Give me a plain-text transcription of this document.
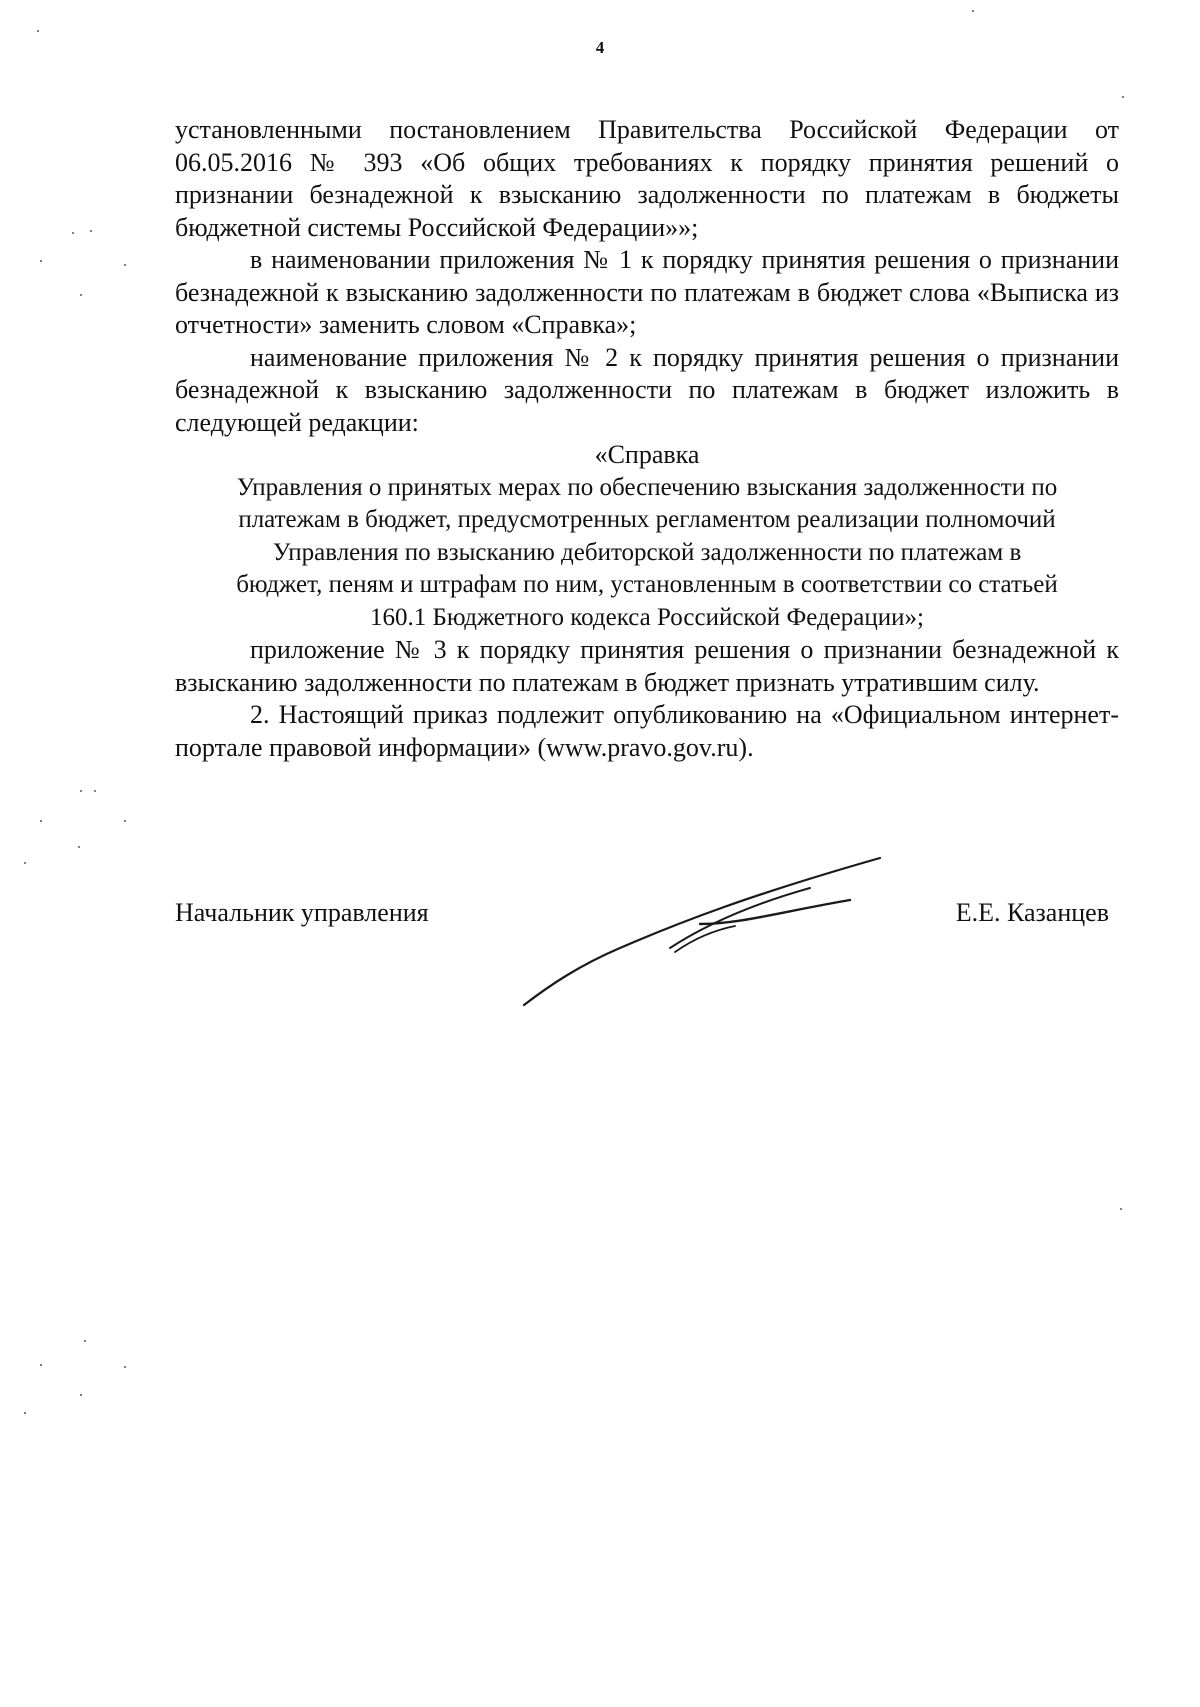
4

установленными постановлением Правительства Российской Федерации от 06.05.2016 № 393 «Об общих требованиях к порядку принятия решений о признании безнадежной к взысканию задолженности по платежам в бюджеты бюджетной системы Российской Федерации»»;

в наименовании приложения № 1 к порядку принятия решения о признании безнадежной к взысканию задолженности по платежам в бюджет слова «Выписка из отчетности» заменить словом «Справка»;

наименование приложения № 2 к порядку принятия решения о признании безнадежной к взысканию задолженности по платежам в бюджет изложить в следующей редакции:

«Справка

Управления о принятых мерах по обеспечению взыскания задолженности по

платежам в бюджет, предусмотренных регламентом реализации полномочий

Управления по взысканию дебиторской задолженности по платежам в

бюджет, пеням и штрафам по ним, установленным в соответствии со статьей

160.1 Бюджетного кодекса Российской Федерации»;

приложение № 3 к порядку принятия решения о признании безнадежной к взысканию задолженности по платежам в бюджет признать утратившим силу.

2. Настоящий приказ подлежит опубликованию на «Официальном интернет-портале правовой информации» (www.pravo.gov.ru).

Начальник управления	Е.Е. Казанцев
